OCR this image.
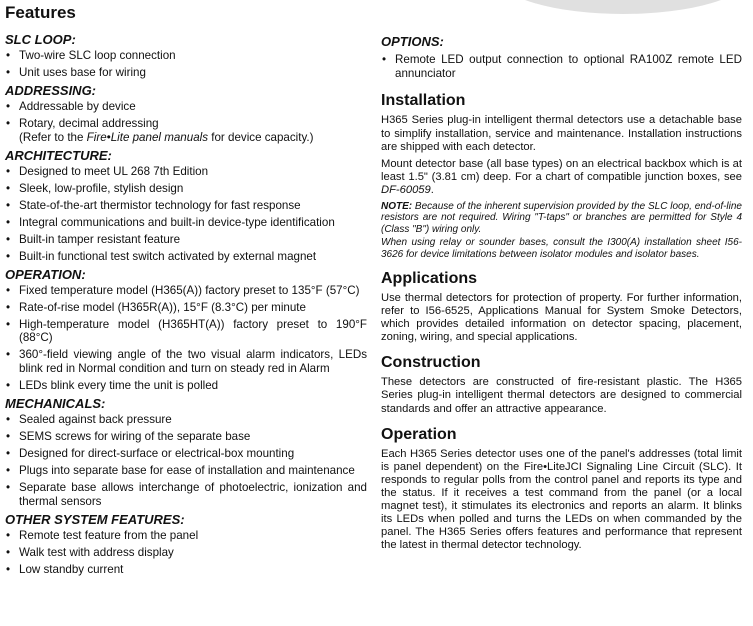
Features
SLC LOOP:
• Two-wire SLC loop connection
• Unit uses base for wiring
ADDRESSING:
• Addressable by device
• Rotary, decimal addressing
(Refer to the Fire•Lite panel manuals for device capacity.)
ARCHITECTURE:
• Designed to meet UL 268 7th Edition
• Sleek, low-profile, stylish design
• State-of-the-art thermistor technology for fast response
• Integral communications and built-in device-type identification
• Built-in tamper resistant feature
• Built-in functional test switch activated by external magnet
OPERATION:
• Fixed temperature model (H365(A)) factory preset to 135°F (57°C)
• Rate-of-rise model (H365R(A)), 15°F (8.3°C) per minute
• High-temperature model (H365HT(A)) factory preset to 190°F (88°C)
• 360°-field viewing angle of the two visual alarm indicators, LEDs blink red in Normal condition and turn on steady red in Alarm
• LEDs blink every time the unit is polled
MECHANICALS:
• Sealed against back pressure
• SEMS screws for wiring of the separate base
• Designed for direct-surface or electrical-box mounting
• Plugs into separate base for ease of installation and maintenance
• Separate base allows interchange of photoelectric, ionization and thermal sensors
OTHER SYSTEM FEATURES:
• Remote test feature from the panel
• Walk test with address display
• Low standby current
OPTIONS:
• Remote LED output connection to optional RA100Z remote LED annunciator
Installation

H365 Series plug-in intelligent thermal detectors use a detachable base to simplify installation, service and maintenance. Installation instructions are shipped with each detector.

Mount detector base (all base types) on an electrical backbox which is at least 1.5" (3.81 cm) deep. For a chart of compatible junction boxes, see DF-60059.

NOTE: Because of the inherent supervision provided by the SLC loop, end-of-line resistors are not required. Wiring "T-taps" or branches are permitted for Style 4 (Class "B") wiring only.

When using relay or sounder bases, consult the I300(A) installation sheet I56-3626 for device limitations between isolator modules and isolator bases.

Applications

Use thermal detectors for protection of property. For further information, refer to I56-6525, Applications Manual for System Smoke Detectors, which provides detailed information on detector spacing, placement, zoning, wiring, and special applications.

Construction

These detectors are constructed of fire-resistant plastic. The H365 Series plug-in intelligent thermal detectors are designed to commercial standards and offer an attractive appearance.

Operation

Each H365 Series detector uses one of the panel's addresses (total limit is panel dependent) on the Fire•LiteJCI Signaling Line Circuit (SLC). It responds to regular polls from the control panel and reports its type and the status. If it receives a test command from the panel (or a local magnet test), it stimulates its electronics and reports an alarm. It blinks its LEDs when polled and turns the LEDs on when commanded by the panel. The H365 Series offers features and performance that represent the latest in thermal detector technology.
